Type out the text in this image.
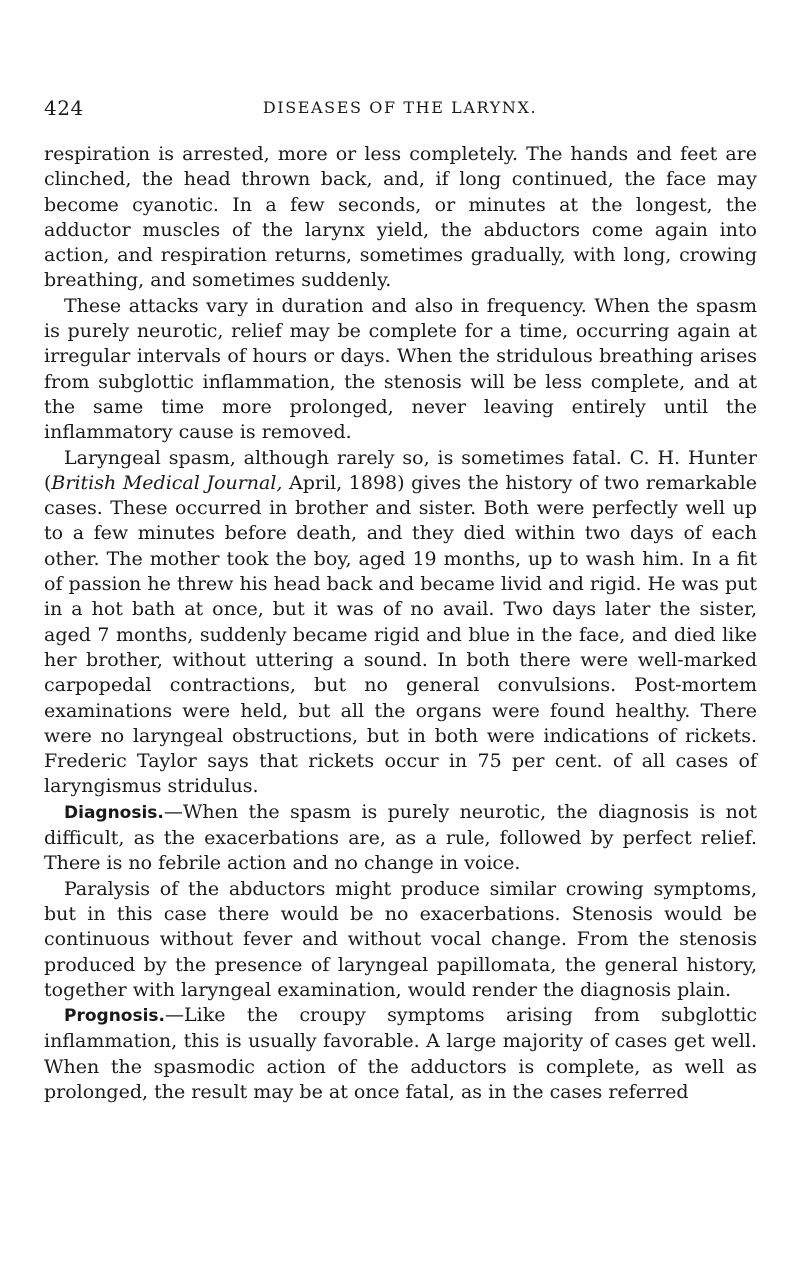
424	DISEASES OF THE LARYNX.

respiration is arrested, more or less completely. The hands and feet are clinched, the head thrown back, and, if long continued, the face may become cyanotic. In a few seconds, or minutes at the longest, the adductor muscles of the larynx yield, the abductors come again into action, and respiration returns, sometimes gradually, with long, crowing breathing, and sometimes suddenly.

These attacks vary in duration and also in frequency. When the spasm is purely neurotic, relief may be complete for a time, occurring again at irregular intervals of hours or days. When the stridulous breathing arises from subglottic inflammation, the stenosis will be less complete, and at the same time more prolonged, never leaving entirely until the inflammatory cause is removed.

Laryngeal spasm, although rarely so, is sometimes fatal. C. H. Hunter (British Medical Journal, April, 1898) gives the history of two remarkable cases. These occurred in brother and sister. Both were perfectly well up to a few minutes before death, and they died within two days of each other. The mother took the boy, aged 19 months, up to wash him. In a fit of passion he threw his head back and became livid and rigid. He was put in a hot bath at once, but it was of no avail. Two days later the sister, aged 7 months, suddenly became rigid and blue in the face, and died like her brother, without uttering a sound. In both there were well-marked carpopedal contractions, but no general convulsions. Post-mortem examinations were held, but all the organs were found healthy. There were no laryngeal obstructions, but in both were indications of rickets. Frederic Taylor says that rickets occur in 75 per cent. of all cases of laryngismus stridulus.

Diagnosis.—When the spasm is purely neurotic, the diagnosis is not difficult, as the exacerbations are, as a rule, followed by perfect relief. There is no febrile action and no change in voice.

Paralysis of the abductors might produce similar crowing symptoms, but in this case there would be no exacerbations. Stenosis would be continuous without fever and without vocal change. From the stenosis produced by the presence of laryngeal papillomata, the general history, together with laryngeal examination, would render the diagnosis plain.

Prognosis.—Like the croupy symptoms arising from subglottic inflammation, this is usually favorable. A large majority of cases get well. When the spasmodic action of the adductors is complete, as well as prolonged, the result may be at once fatal, as in the cases referred
